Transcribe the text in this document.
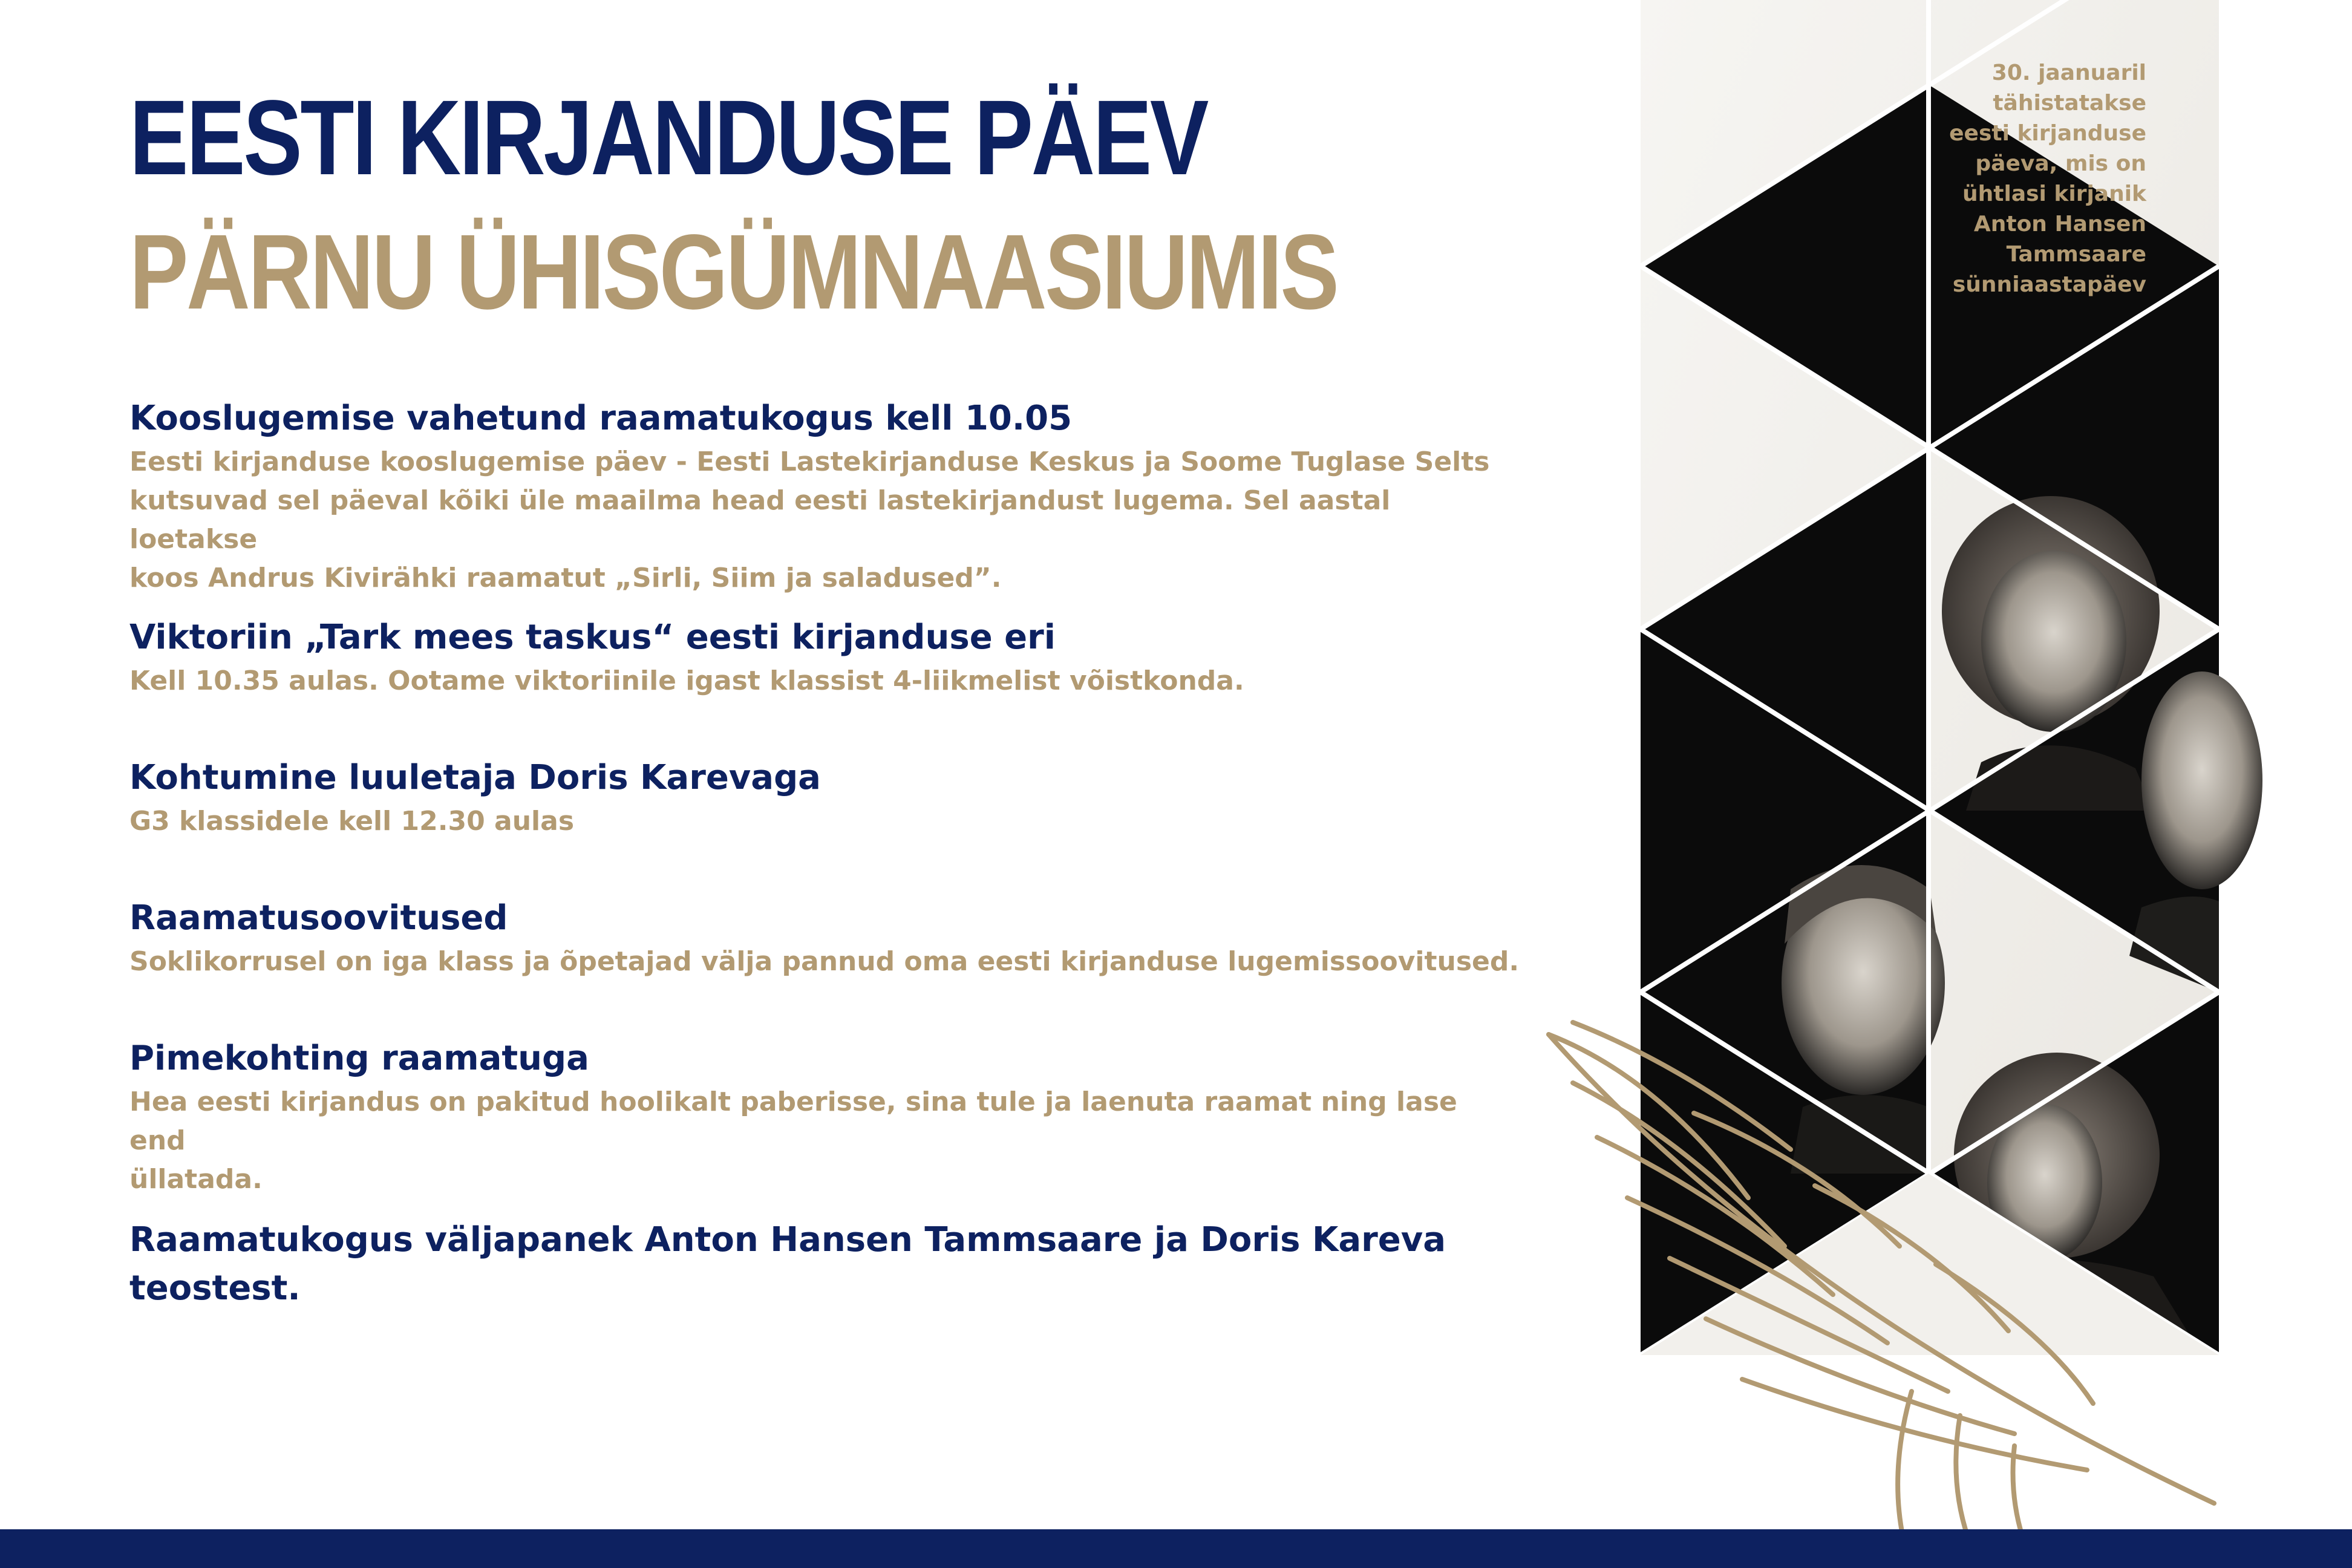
EESTI KIRJANDUSE PÄEV
PÄRNU ÜHISGÜMNAASIUMIS

Kooslugemise vahetund raamatukogus kell 10.05

Eesti kirjanduse kooslugemise päev - Eesti Lastekirjanduse Keskus ja Soome Tuglase Selts

kutsuvad sel päeval kõiki üle maailma head eesti lastekirjandust lugema. Sel aastal loetakse

koos Andrus Kivirähki raamatut „Sirli, Siim ja saladused”.

Viktoriin „Tark mees taskus“ eesti kirjanduse eri

Kell 10.35 aulas. Ootame viktoriinile igast klassist 4-liikmelist võistkonda.

Kohtumine luuletaja Doris Karevaga

G3 klassidele kell 12.30 aulas

Raamatusoovitused

Soklikorrusel on iga klass ja õpetajad välja pannud oma eesti kirjanduse lugemissoovitused.

Pimekohting raamatuga

Hea eesti kirjandus on pakitud hoolikalt paberisse, sina tule ja laenuta raamat ning lase end

üllatada.

Raamatukogus väljapanek Anton Hansen Tammsaare ja Doris Kareva

teostest.

30. jaanuaril
tähistatakse
eesti kirjanduse
päeva, mis on
ühtlasi kirjanik
Anton Hansen
Tammsaare
sünniaastapäev
